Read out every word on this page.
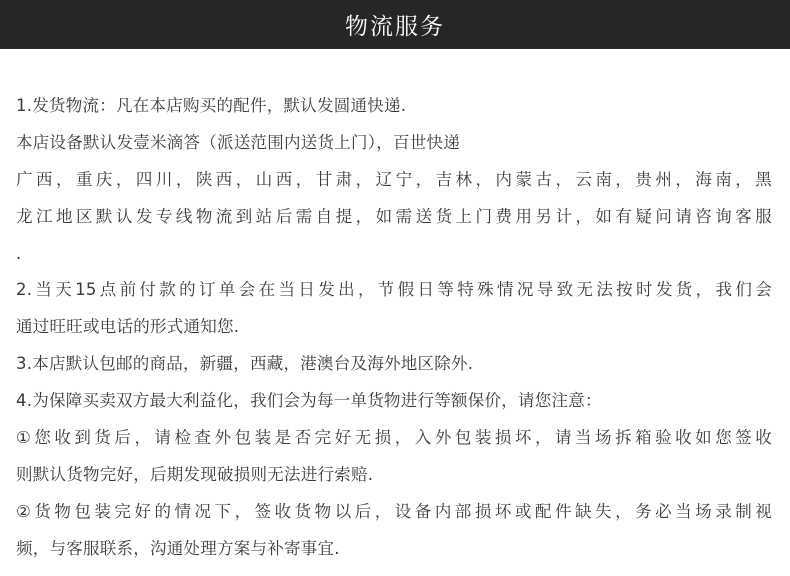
物流服务
1.发货物流：凡在本店购买的配件，默认发圆通快递.
本店设备默认发壹米滴答（派送范围内送货上门），百世快递
广西，重庆，四川，陕西，山西，甘肃，辽宁，吉林，内蒙古，云南，贵州，海南，黑
龙江地区默认发专线物流到站后需自提，如需送货上门费用另计，如有疑问请咨询客服
.
2.当天15点前付款的订单会在当日发出，节假日等特殊情况导致无法按时发货，我们会
通过旺旺或电话的形式通知您.
3.本店默认包邮的商品，新疆，西藏，港澳台及海外地区除外.
4.为保障买卖双方最大利益化，我们会为每一单货物进行等额保价，请您注意：
①您收到货后，请检查外包装是否完好无损，入外包装损坏，请当场拆箱验收如您签收
则默认货物完好，后期发现破损则无法进行索赔.
②货物包装完好的情况下，签收货物以后，设备内部损坏或配件缺失，务必当场录制视
频，与客服联系，沟通处理方案与补寄事宜.
